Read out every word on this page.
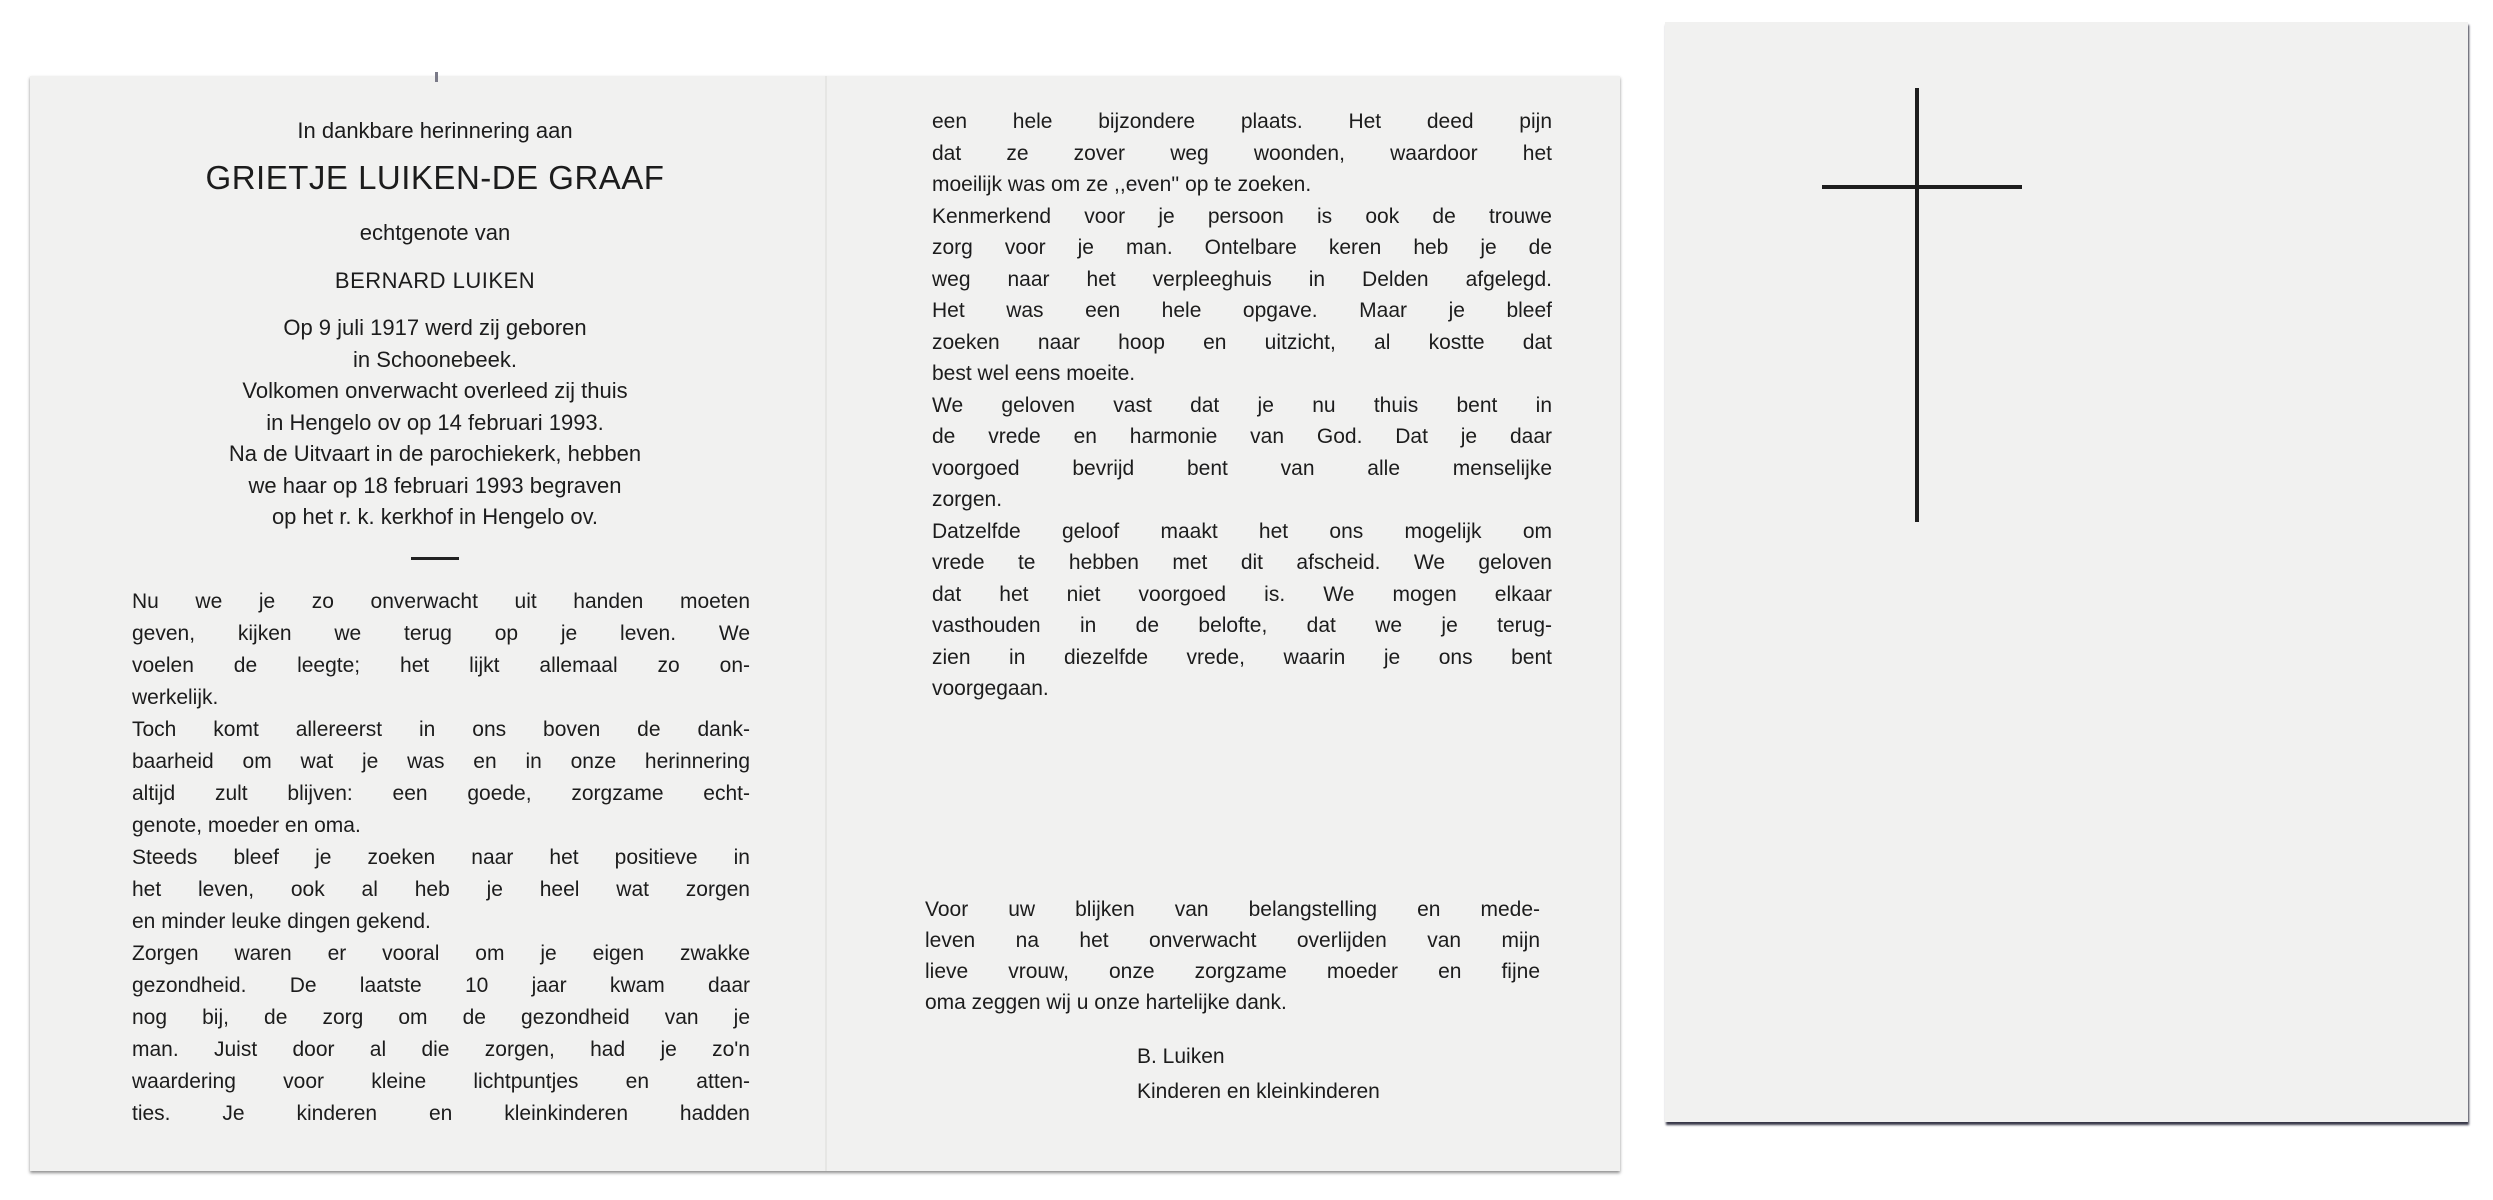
In dankbare herinnering aan
GRIETJE LUIKEN-DE GRAAF
echtgenote van
BERNARD LUIKEN
Op 9 juli 1917 werd zij geboren
in Schoonebeek.
Volkomen onverwacht overleed zij thuis
in Hengelo ov op 14 februari 1993.
Na de Uitvaart in de parochiekerk, hebben
we haar op 18 februari 1993 begraven
op het r. k. kerkhof in Hengelo ov.
Nu we je zo onverwacht uit handen moeten
geven, kijken we terug op je leven. We
voelen de leegte; het lijkt allemaal zo on-
werkelijk.
Toch komt allereerst in ons boven de dank-
baarheid om wat je was en in onze herinnering
altijd zult blijven: een goede, zorgzame echt-
genote, moeder en oma.
Steeds bleef je zoeken naar het positieve in
het leven, ook al heb je heel wat zorgen
en minder leuke dingen gekend.
Zorgen waren er vooral om je eigen zwakke
gezondheid. De laatste 10 jaar kwam daar
nog bij, de zorg om de gezondheid van je
man. Juist door al die zorgen, had je zo'n
waardering voor kleine lichtpuntjes en atten-
ties. Je kinderen en kleinkinderen hadden
een hele bijzondere plaats. Het deed pijn
dat ze zover weg woonden, waardoor het
moeilijk was om ze ,,even'' op te zoeken.
Kenmerkend voor je persoon is ook de trouwe
zorg voor je man. Ontelbare keren heb je de
weg naar het verpleeghuis in Delden afgelegd.
Het was een hele opgave. Maar je bleef
zoeken naar hoop en uitzicht, al kostte dat
best wel eens moeite.
We geloven vast dat je nu thuis bent in
de vrede en harmonie van God. Dat je daar
voorgoed bevrijd bent van alle menselijke
zorgen.
Datzelfde geloof maakt het ons mogelijk om
vrede te hebben met dit afscheid. We geloven
dat het niet voorgoed is. We mogen elkaar
vasthouden in de belofte, dat we je terug-
zien in diezelfde vrede, waarin je ons bent
voorgegaan.
Voor uw blijken van belangstelling en mede-
leven na het onverwacht overlijden van mijn
lieve vrouw, onze zorgzame moeder en fijne
oma zeggen wij u onze hartelijke dank.
B. Luiken
Kinderen en kleinkinderen
